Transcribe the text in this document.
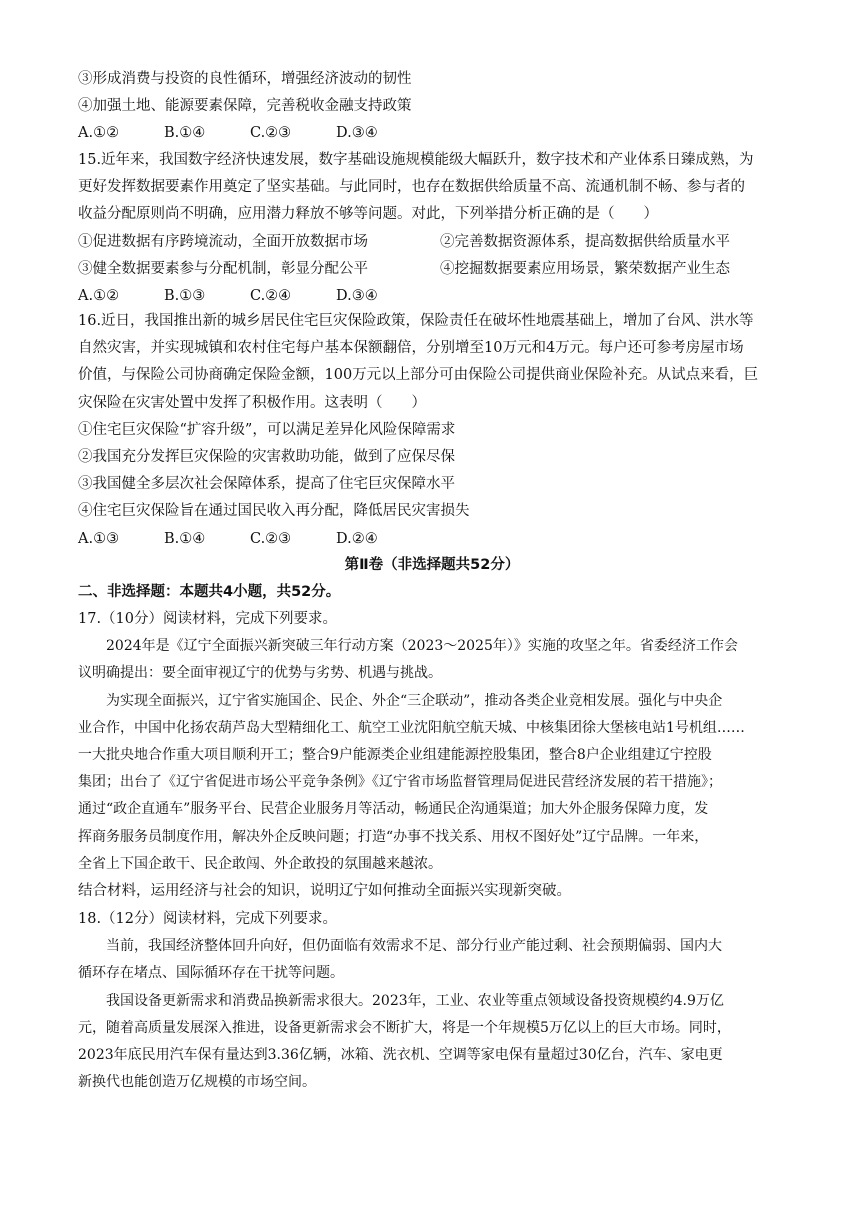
③形成消费与投资的良性循环，增强经济波动的韧性
④加强土地、能源要素保障，完善税收金融支持政策
A.①②	B.①④	C.②③	D.③④
15.近年来，我国数字经济快速发展，数字基础设施规模能级大幅跃升，数字技术和产业体系日臻成熟，为
更好发挥数据要素作用奠定了坚实基础。与此同时，也存在数据供给质量不高、流通机制不畅、参与者的
收益分配原则尚不明确，应用潜力释放不够等问题。对此，下列举措分析正确的是（　　）
①促进数据有序跨境流动，全面开放数据市场	②完善数据资源体系，提高数据供给质量水平
③健全数据要素参与分配机制，彰显分配公平	④挖掘数据要素应用场景，繁荣数据产业生态
A.①②	B.①③	C.②④	D.③④
16.近日，我国推出新的城乡居民住宅巨灾保险政策，保险责任在破坏性地震基础上，增加了台风、洪水等
自然灾害，并实现城镇和农村住宅每户基本保额翻倍，分别增至10万元和4万元。每户还可参考房屋市场
价值，与保险公司协商确定保险金额，100万元以上部分可由保险公司提供商业保险补充。从试点来看，巨
灾保险在灾害处置中发挥了积极作用。这表明（　　）
①住宅巨灾保险“扩容升级”，可以满足差异化风险保障需求
②我国充分发挥巨灾保险的灾害救助功能，做到了应保尽保
③我国健全多层次社会保障体系，提高了住宅巨灾保障水平
④住宅巨灾保险旨在通过国民收入再分配，降低居民灾害损失
A.①③	B.①④	C.②③	D.②④
第Ⅱ卷（非选择题共52分）
二、非选择题：本题共4小题，共52分。
17.（10分）阅读材料，完成下列要求。
2024年是《辽宁全面振兴新突破三年行动方案（2023～2025年）》实施的攻坚之年。省委经济工作会
议明确提出：要全面审视辽宁的优势与劣势、机遇与挑战。
为实现全面振兴，辽宁省实施国企、民企、外企“三企联动”，推动各类企业竞相发展。强化与中央企
业合作，中国中化扬农葫芦岛大型精细化工、航空工业沈阳航空航天城、中核集团徐大堡核电站1号机组……
一大批央地合作重大项目顺利开工；整合9户能源类企业组建能源控股集团，整合8户企业组建辽宁控股
集团；出台了《辽宁省促进市场公平竞争条例》《辽宁省市场监督管理局促进民营经济发展的若干措施》；
通过“政企直通车”服务平台、民营企业服务月等活动，畅通民企沟通渠道；加大外企服务保障力度，发
挥商务服务员制度作用，解决外企反映问题；打造“办事不找关系、用权不图好处”辽宁品牌。一年来，
全省上下国企敢干、民企敢闯、外企敢投的氛围越来越浓。
结合材料，运用经济与社会的知识，说明辽宁如何推动全面振兴实现新突破。
18.（12分）阅读材料，完成下列要求。
当前，我国经济整体回升向好，但仍面临有效需求不足、部分行业产能过剩、社会预期偏弱、国内大
循环存在堵点、国际循环存在干扰等问题。
我国设备更新需求和消费品换新需求很大。2023年，工业、农业等重点领域设备投资规模约4.9万亿
元，随着高质量发展深入推进，设备更新需求会不断扩大，将是一个年规模5万亿以上的巨大市场。同时，
2023年底民用汽车保有量达到3.36亿辆，冰箱、洗衣机、空调等家电保有量超过30亿台，汽车、家电更
新换代也能创造万亿规模的市场空间。
